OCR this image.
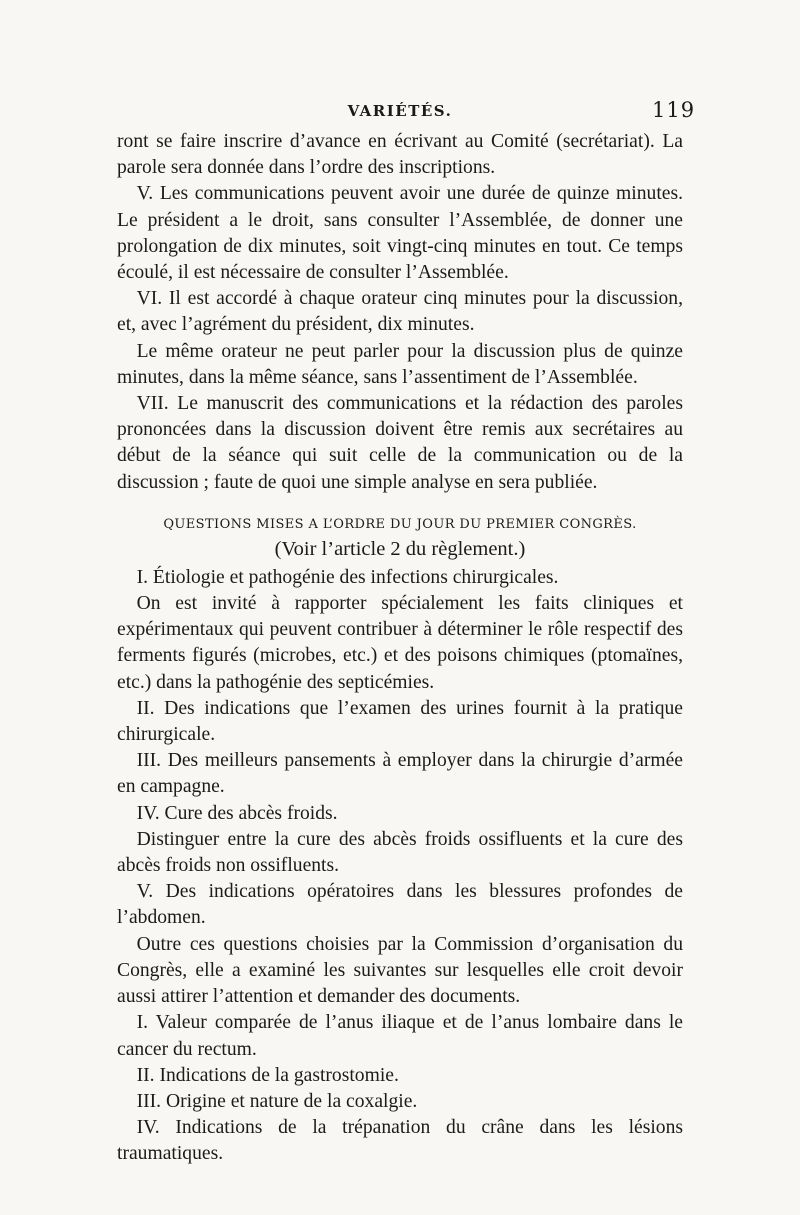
VARIÉTÉS.	119

ront se faire inscrire d’avance en écrivant au Comité (secrétariat). La parole sera donnée dans l’ordre des inscriptions.

V. Les communications peuvent avoir une durée de quinze minutes. Le président a le droit, sans consulter l’Assemblée, de donner une prolongation de dix minutes, soit vingt-cinq minutes en tout. Ce temps écoulé, il est nécessaire de consulter l’Assemblée.

VI. Il est accordé à chaque orateur cinq minutes pour la discussion, et, avec l’agrément du président, dix minutes.

Le même orateur ne peut parler pour la discussion plus de quinze minutes, dans la même séance, sans l’assentiment de l’Assemblée.

VII. Le manuscrit des communications et la rédaction des paroles prononcées dans la discussion doivent être remis aux secrétaires au début de la séance qui suit celle de la communication ou de la discussion ; faute de quoi une simple analyse en sera publiée.

QUESTIONS MISES A L’ORDRE DU JOUR DU PREMIER CONGRÈS.
(Voir l’article 2 du règlement.)

I. Étiologie et pathogénie des infections chirurgicales.

On est invité à rapporter spécialement les faits cliniques et expérimentaux qui peuvent contribuer à déterminer le rôle respectif des ferments figurés (microbes, etc.) et des poisons chimiques (ptomaïnes, etc.) dans la pathogénie des septicémies.

II. Des indications que l’examen des urines fournit à la pratique chirurgicale.

III. Des meilleurs pansements à employer dans la chirurgie d’armée en campagne.

IV. Cure des abcès froids.

Distinguer entre la cure des abcès froids ossifluents et la cure des abcès froids non ossifluents.

V. Des indications opératoires dans les blessures profondes de l’abdomen.

Outre ces questions choisies par la Commission d’organisation du Congrès, elle a examiné les suivantes sur lesquelles elle croit devoir aussi attirer l’attention et demander des documents.

I. Valeur comparée de l’anus iliaque et de l’anus lombaire dans le cancer du rectum.

II. Indications de la gastrostomie.

III. Origine et nature de la coxalgie.

IV. Indications de la trépanation du crâne dans les lésions traumatiques.
